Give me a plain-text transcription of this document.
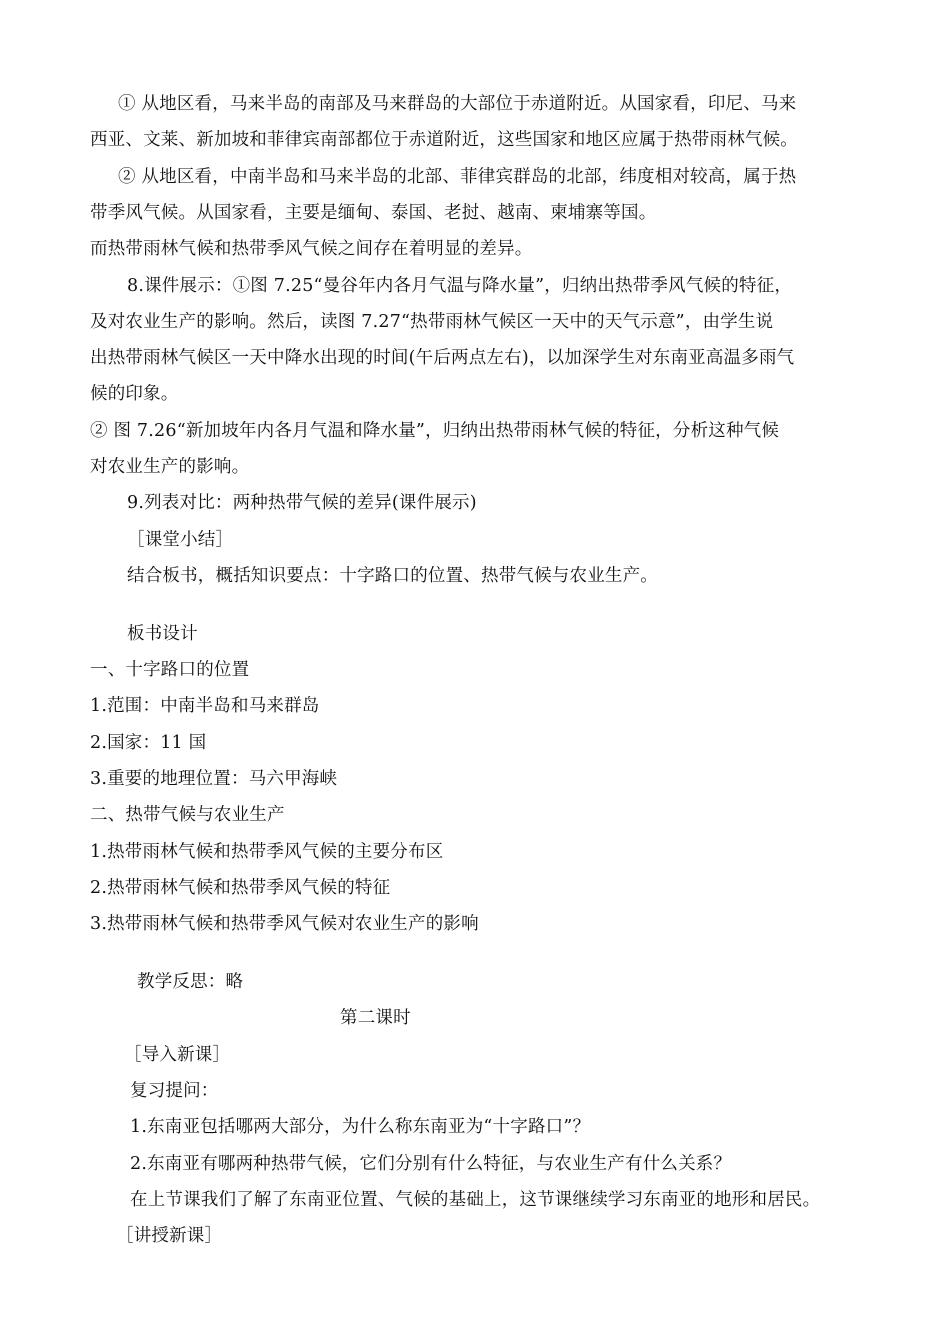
① 从地区看，马来半岛的南部及马来群岛的大部位于赤道附近。从国家看，印尼、马来
西亚、文莱、新加坡和菲律宾南部都位于赤道附近，这些国家和地区应属于热带雨林气候。
② 从地区看，中南半岛和马来半岛的北部、菲律宾群岛的北部，纬度相对较高，属于热
带季风气候。从国家看，主要是缅甸、泰国、老挝、越南、柬埔寨等国。
而热带雨林气候和热带季风气候之间存在着明显的差异。
8.课件展示：①图 7.25“曼谷年内各月气温与降水量”，归纳出热带季风气候的特征，
及对农业生产的影响。然后，读图 7.27“热带雨林气候区一天中的天气示意”，由学生说
出热带雨林气候区一天中降水出现的时间(午后两点左右)，以加深学生对东南亚高温多雨气
候的印象。
② 图 7.26“新加坡年内各月气温和降水量”，归纳出热带雨林气候的特征，分析这种气候
对农业生产的影响。
9.列表对比：两种热带气候的差异(课件展示)
［课堂小结］
结合板书，概括知识要点：十字路口的位置、热带气候与农业生产。
板书设计
一、十字路口的位置
1.范围：中南半岛和马来群岛
2.国家：11 国
3.重要的地理位置：马六甲海峡
二、热带气候与农业生产
1.热带雨林气候和热带季风气候的主要分布区
2.热带雨林气候和热带季风气候的特征
3.热带雨林气候和热带季风气候对农业生产的影响
教学反思：略
第二课时
［导入新课］
复习提问：
1.东南亚包括哪两大部分，为什么称东南亚为“十字路口”？
2.东南亚有哪两种热带气候，它们分别有什么特征，与农业生产有什么关系？
在上节课我们了解了东南亚位置、气候的基础上，这节课继续学习东南亚的地形和居民。
［讲授新课］
